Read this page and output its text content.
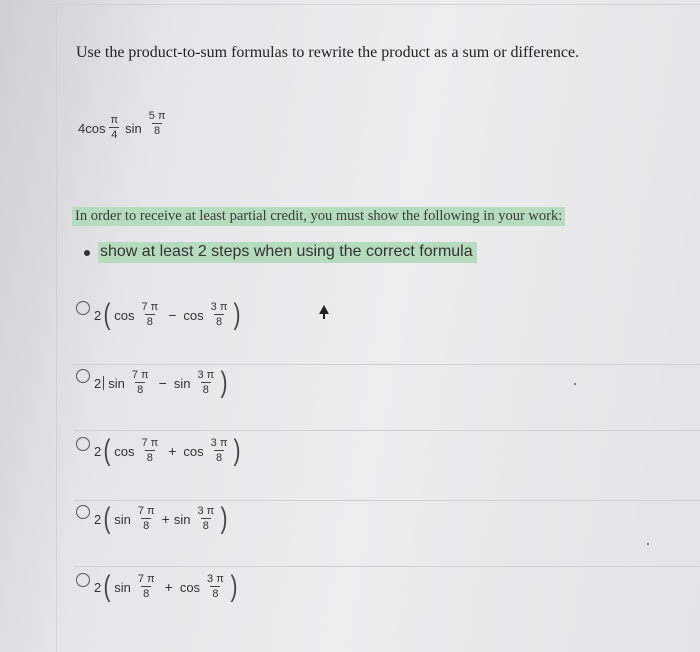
Use the product-to-sum formulas to rewrite the product as a sum or difference.
$4\cos \frac{\pi}{4}$ $\sin \frac{5 \pi}{8}$
In order to receive at least partial credit, you must show the following in your work:
show at least 2 steps when using the correct formula
2 ( $\cos \frac{7 \pi}{8} - \cos \frac{3 \pi}{8}$ )
2 $\sin \frac{7 \pi}{8} - \sin \frac{3 \pi}{8}$ )
2 ( $\cos \frac{7 \pi}{8} + \cos \frac{3 \pi}{8}$ )
2 ( $\sin \frac{7 \pi}{8} + \sin \frac{3 \pi}{8}$ )
2 ( $\sin \frac{7 \pi}{8} + \cos \frac{3 \pi}{8}$ )
